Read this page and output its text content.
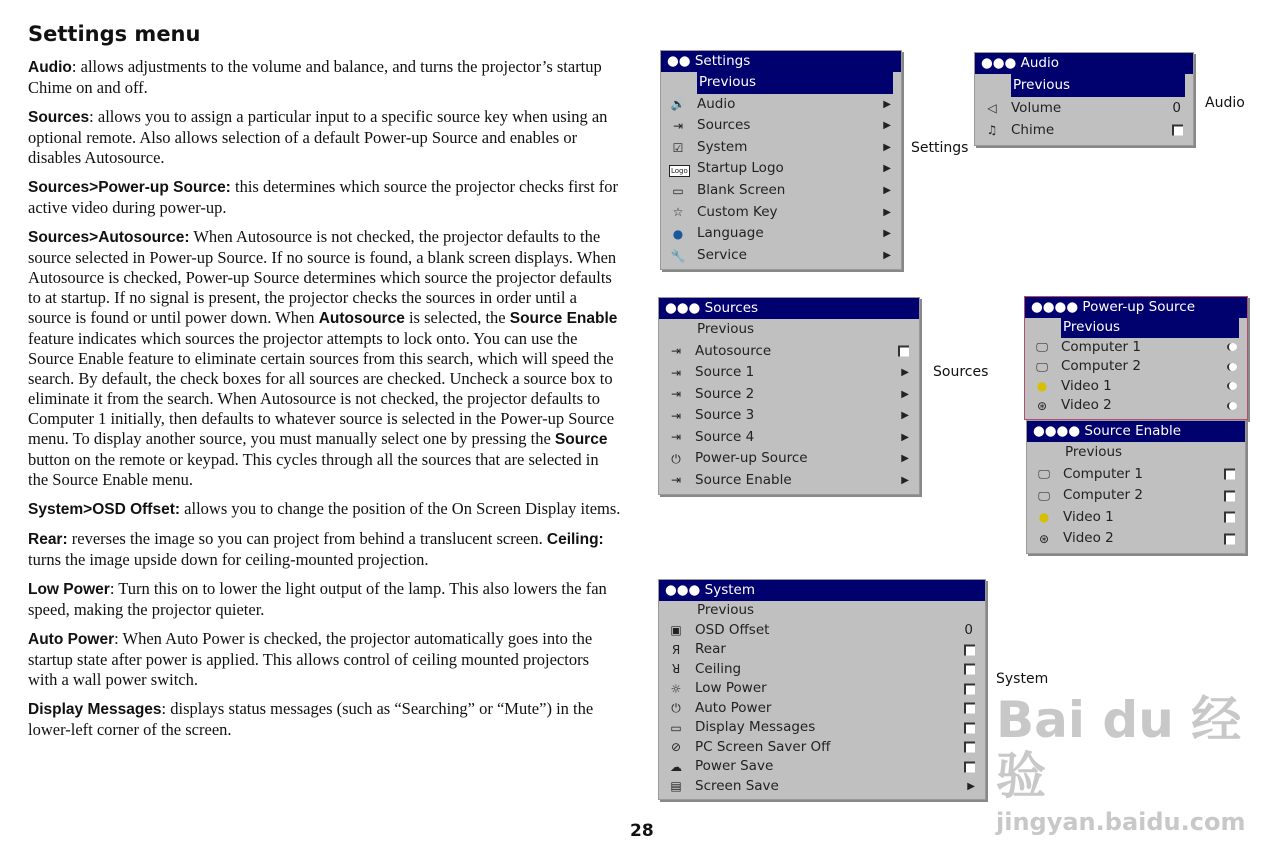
Settings menu

Audio: allows adjustments to the volume and balance, and turns the projector’s startup Chime on and off.

Sources: allows you to assign a particular input to a specific source key when using an optional remote. Also allows selection of a default Power-up Source and enables or disables Autosource.

Sources>Power-up Source: this determines which source the projector checks first for active video during power-up.

Sources>Autosource: When Autosource is not checked, the projector defaults to the source selected in Power-up Source. If no source is found, a blank screen displays. When Autosource is checked, Power-up Source determines which source the projector defaults to at startup. If no signal is present, the projector checks the sources in order until a source is found or until power down. When Autosource is selected, the Source Enable feature indicates which sources the projector attempts to lock onto. You can use the Source Enable feature to eliminate certain sources from this search, which will speed the search. By default, the check boxes for all sources are checked. Uncheck a source box to eliminate it from the search. When Autosource is not checked, the projector defaults to Computer 1 initially, then defaults to whatever source is selected in the Power-up Source menu. To display another source, you must manually select one by pressing the Source button on the remote or keypad. This cycles through all the sources that are selected in the Source Enable menu.

System>OSD Offset: allows you to change the position of the On Screen Display items.

Rear: reverses the image so you can project from behind a translucent screen. Ceiling: turns the image upside down for ceiling-mounted projection.

Low Power: Turn this on to lower the light output of the lamp. This also lowers the fan speed, making the projector quieter.

Auto Power: When Auto Power is checked, the projector automatically goes into the startup state after power is applied. This allows control of ceiling mounted projectors with a wall power switch.

Display Messages: displays status messages (such as “Searching” or “Mute”) in the lower-left corner of the screen.

●● Settings
Previous
🔊 Audio	▶
⇥ Sources	▶
☑ System	▶
Logo Startup Logo	▶
▭ Blank Screen	▶
☆ Custom Key	▶
● Language	▶
🔧 Service	▶
●●● Audio
Previous
◁	Volume	0
♫ Chime
●●● Sources
Previous
⇥ Autosource
⇥ Source 1	▶
⇥ Source 2	▶
⇥ Source 3	▶
⇥ Source 4	▶
⏻	Power-up Source	▶
⇥ Source Enable	▶
●●●● Power-up Source
Previous
🖵 Computer 1
🖵 Computer 2
● Video 1
⊛ Video 2
●●●● Source Enable
Previous
🖵 Computer 1
🖵 Computer 2
● Video 1
⊛ Video 2
●●● System
Previous
▣ OSD Offset	0
Я	Rear
ꓤ	Ceiling
☼ Low Power
⏻	Auto Power
▭ Display Messages
⊘ PC Screen Saver Off
☁ Power Save
▤ Screen Save	▶
Settings
Audio
Sources
System
Bai du 经验
jingyan.baidu.com
28
